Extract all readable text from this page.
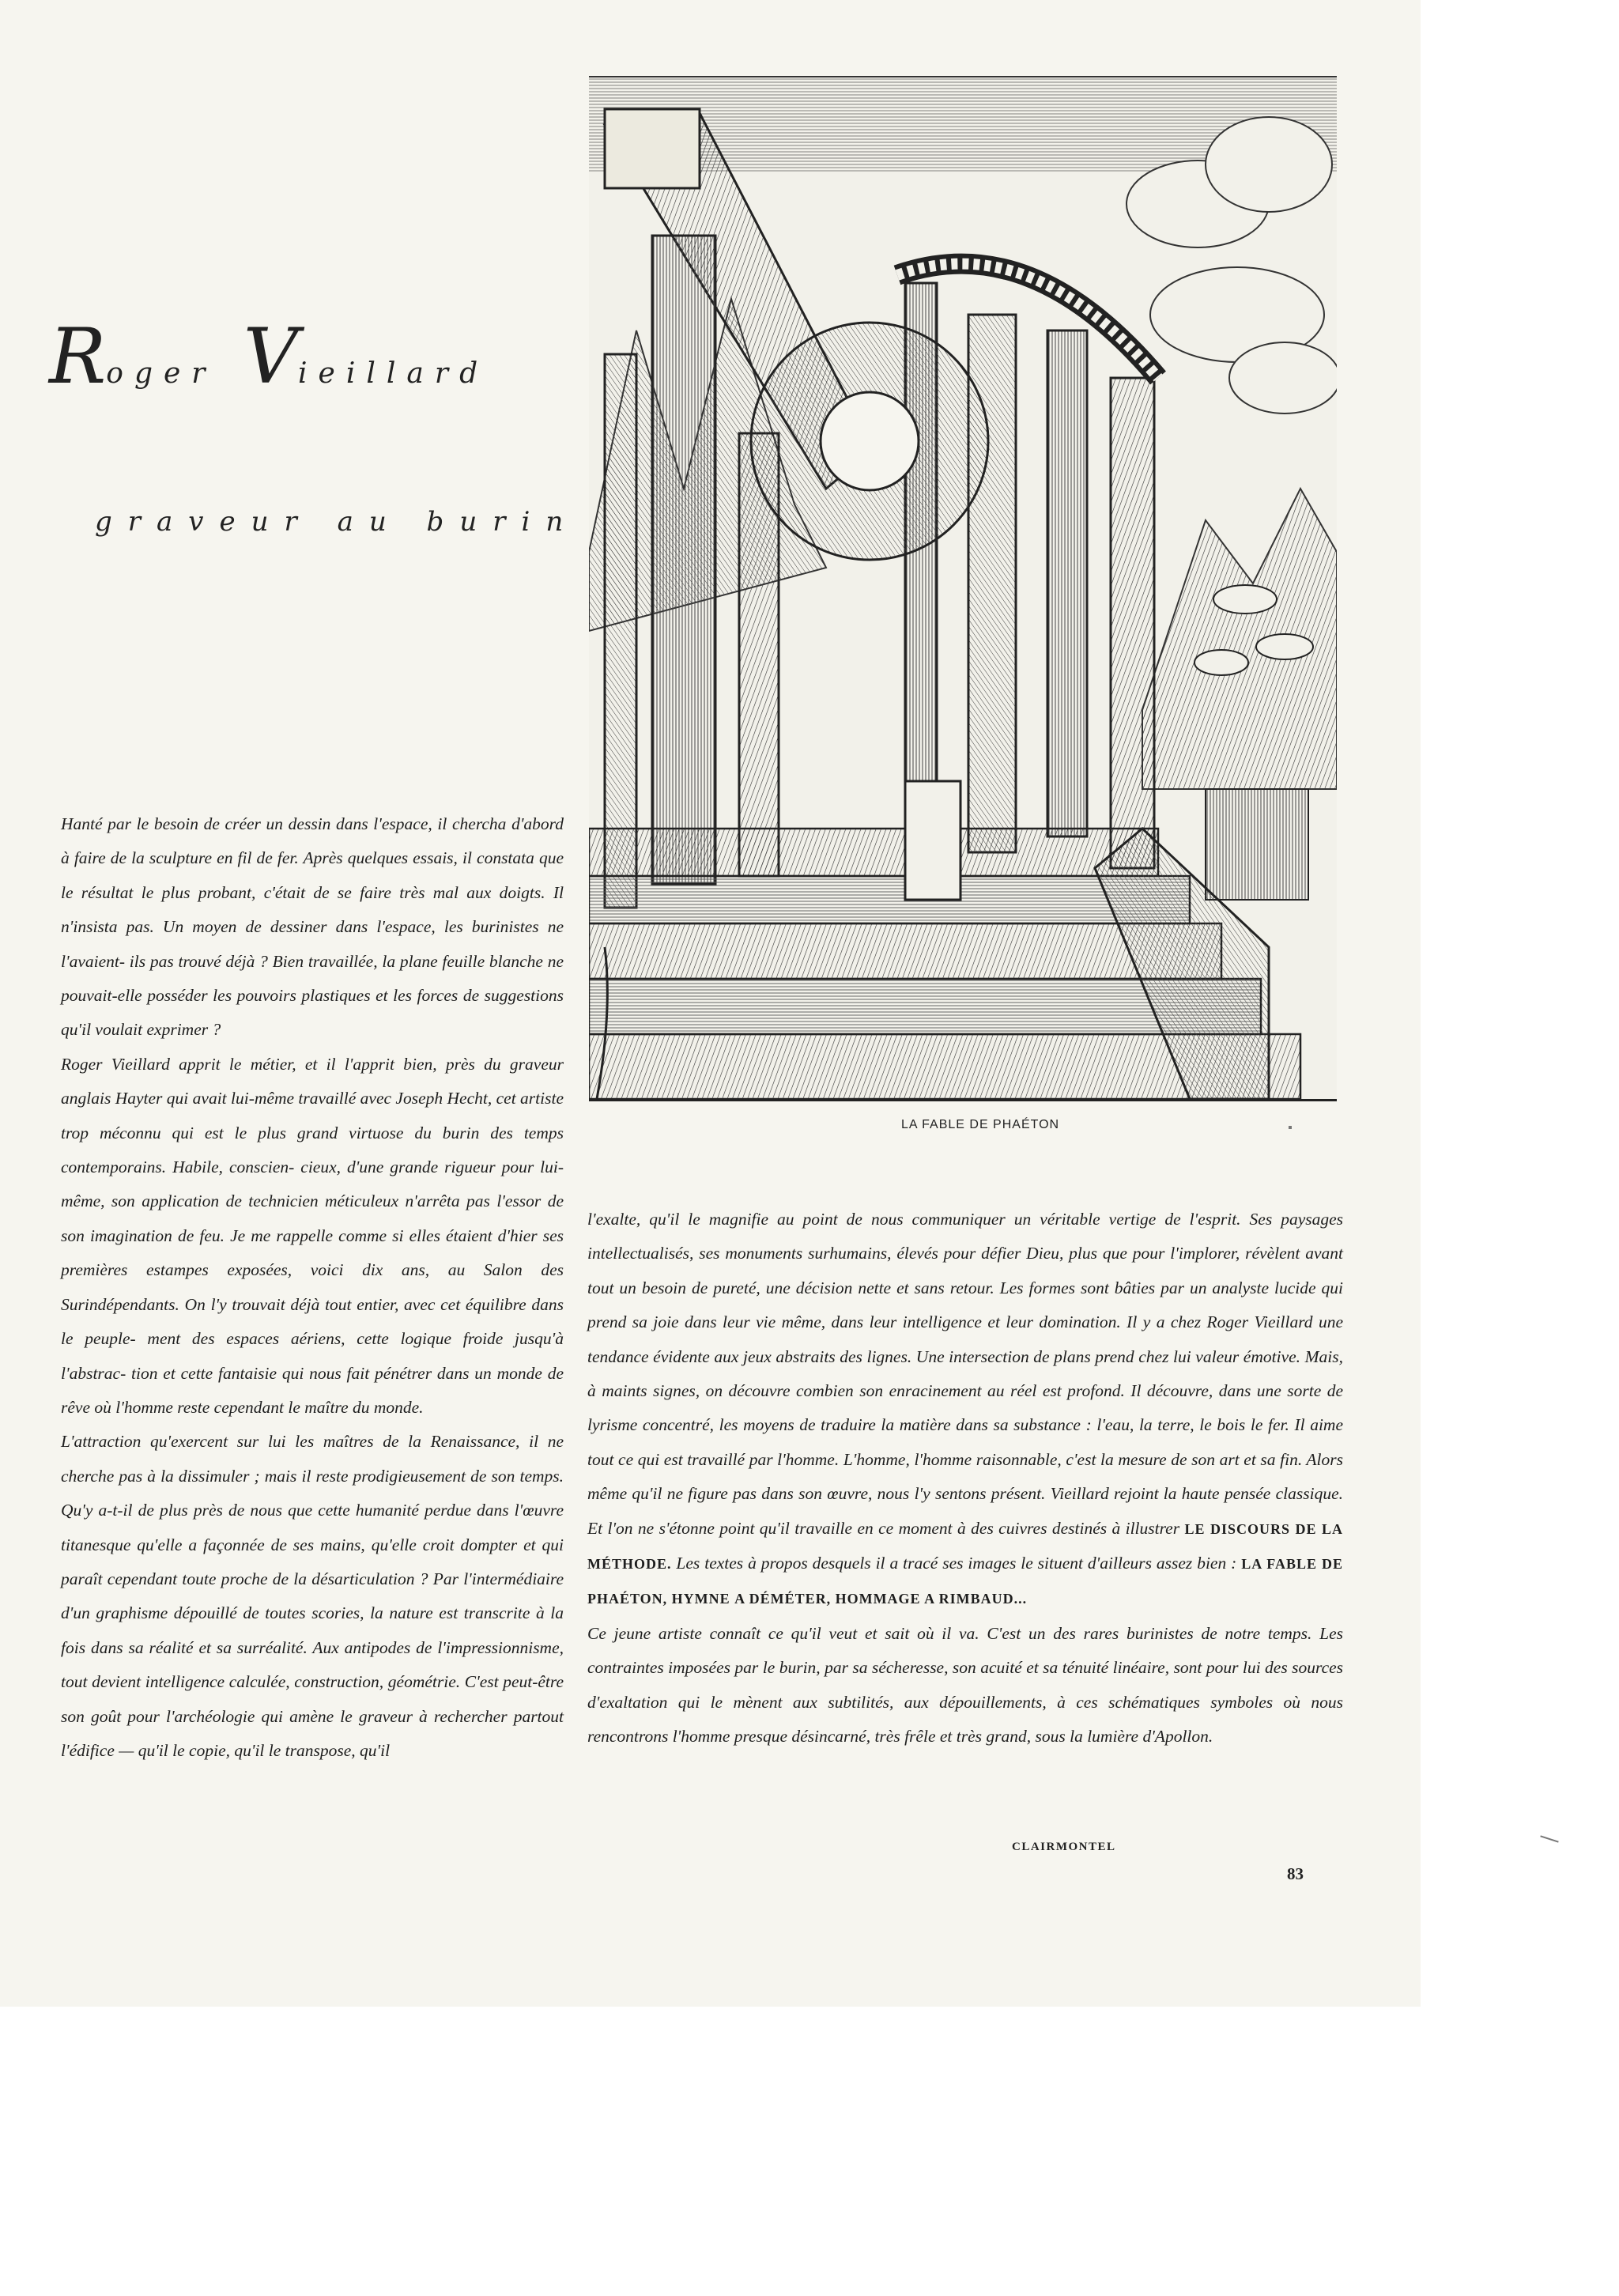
Roger Vieillard
graveur au burin
LA FABLE DE PHAÉTON

Hanté par le besoin de créer un dessin dans l'espace, il chercha d'abord à faire de la sculpture en fil de fer. Après quelques essais, il constata que le résultat le plus probant, c'était de se faire très mal aux doigts. Il n'insista pas. Un moyen de dessiner dans l'espace, les burinistes ne l'avaient- ils pas trouvé déjà ? Bien travaillée, la plane feuille blanche ne pouvait-elle posséder les pouvoirs plastiques et les forces de suggestions qu'il voulait exprimer ?

Roger Vieillard apprit le métier, et il l'apprit bien, près du graveur anglais Hayter qui avait lui-même travaillé avec Joseph Hecht, cet artiste trop méconnu qui est le plus grand virtuose du burin des temps contemporains. Habile, conscien- cieux, d'une grande rigueur pour lui-même, son application de technicien méticuleux n'arrêta pas l'essor de son imagination de feu. Je me rappelle comme si elles étaient d'hier ses premières estampes exposées, voici dix ans, au Salon des Surindépendants. On l'y trouvait déjà tout entier, avec cet équilibre dans le peuple- ment des espaces aériens, cette logique froide jusqu'à l'abstrac- tion et cette fantaisie qui nous fait pénétrer dans un monde de rêve où l'homme reste cependant le maître du monde.

L'attraction qu'exercent sur lui les maîtres de la Renaissance, il ne cherche pas à la dissimuler ; mais il reste prodigieusement de son temps. Qu'y a-t-il de plus près de nous que cette humanité perdue dans l'œuvre titanesque qu'elle a façonnée de ses mains, qu'elle croit dompter et qui paraît cependant toute proche de la désarticulation ? Par l'intermédiaire d'un graphisme dépouillé de toutes scories, la nature est transcrite à la fois dans sa réalité et sa surréalité. Aux antipodes de l'impressionnisme, tout devient intelligence calculée, construction, géométrie. C'est peut-être son goût pour l'archéologie qui amène le graveur à rechercher partout l'édifice — qu'il le copie, qu'il le transpose, qu'il

l'exalte, qu'il le magnifie au point de nous communiquer un véritable vertige de l'esprit. Ses paysages intellectualisés, ses monuments surhumains, élevés pour défier Dieu, plus que pour l'implorer, révèlent avant tout un besoin de pureté, une décision nette et sans retour. Les formes sont bâties par un analyste lucide qui prend sa joie dans leur vie même, dans leur intelligence et leur domination. Il y a chez Roger Vieillard une tendance évidente aux jeux abstraits des lignes. Une intersection de plans prend chez lui valeur émotive. Mais, à maints signes, on découvre combien son enracinement au réel est profond. Il découvre, dans une sorte de lyrisme concentré, les moyens de traduire la matière dans sa substance : l'eau, la terre, le bois le fer. Il aime tout ce qui est travaillé par l'homme. L'homme, l'homme raisonnable, c'est la mesure de son art et sa fin. Alors même qu'il ne figure pas dans son œuvre, nous l'y sentons présent. Vieillard rejoint la haute pensée classique. Et l'on ne s'étonne point qu'il travaille en ce moment à des cuivres destinés à illustrer LE DISCOURS DE LA MÉTHODE. Les textes à propos desquels il a tracé ses images le situent d'ailleurs assez bien : LA FABLE DE PHAÉTON, HYMNE A DÉMÉTER, HOMMAGE A RIMBAUD...

Ce jeune artiste connaît ce qu'il veut et sait où il va. C'est un des rares burinistes de notre temps. Les contraintes imposées par le burin, par sa sécheresse, son acuité et sa ténuité linéaire, sont pour lui des sources d'exaltation qui le mènent aux subtilités, aux dépouillements, à ces schématiques symboles où nous rencontrons l'homme presque désincarné, très frêle et très grand, sous la lumière d'Apollon.

CLAIRMONTEL
83
